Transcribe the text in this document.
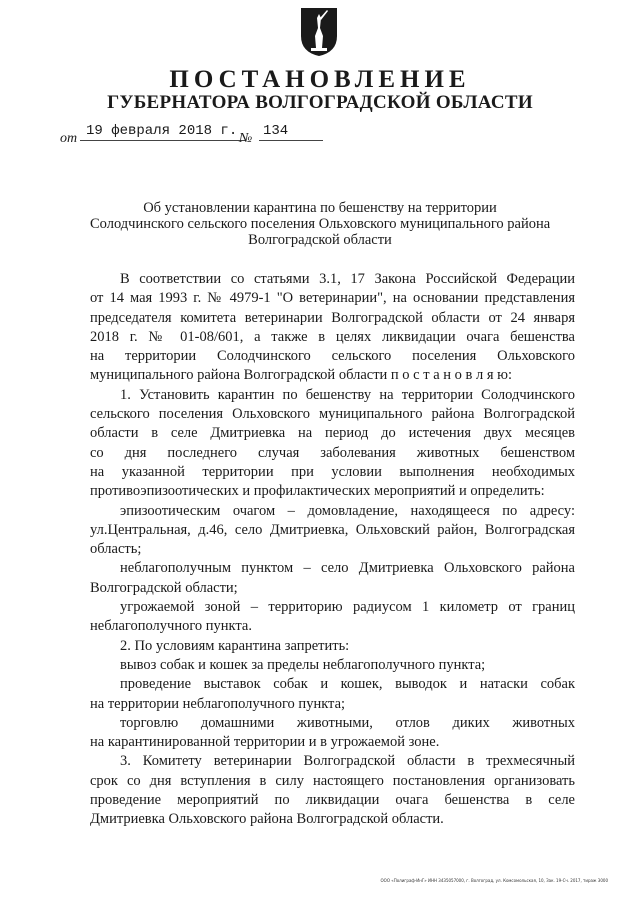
ПОСТАНОВЛЕНИЕ
ГУБЕРНАТОРА ВОЛГОГРАДСКОЙ ОБЛАСТИ
от 19 февраля 2018 г. № 134
Об установлении карантина по бешенству на территории
Солодчинского сельского поселения Ольховского муниципального района
Волгоградской области
В соответствии со статьями 3.1, 17 Закона Российской Федерации
от 14 мая 1993 г. № 4979-1 "О ветеринарии", на основании представления
председателя комитета ветеринарии Волгоградской области от 24 января
2018 г. № 01-08/601, а также в целях ликвидации очага бешенства
на территории Солодчинского сельского поселения Ольховского
муниципального района Волгоградской области п о с т а н о в л я ю:
1. Установить карантин по бешенству на территории Солодчинского
сельского поселения Ольховского муниципального района Волгоградской
области в селе Дмитриевка на период до истечения двух месяцев
со дня последнего случая заболевания животных бешенством
на указанной территории при условии выполнения необходимых
противоэпизоотических и профилактических мероприятий и определить:
эпизоотическим очагом – домовладение, находящееся по адресу:
ул.Центральная, д.46, село Дмитриевка, Ольховский район, Волгоградская
область;
неблагополучным пунктом – село Дмитриевка Ольховского района
Волгоградской области;
угрожаемой зоной – территорию радиусом 1 километр от границ
неблагополучного пункта.
2. По условиям карантина запретить:
вывоз собак и кошек за пределы неблагополучного пункта;
проведение выставок собак и кошек, выводок и натаски собак
на территории неблагополучного пункта;
торговлю домашними животными, отлов диких животных
на карантинированной территории и в угрожаемой зоне.
3. Комитету ветеринарии Волгоградской области в трехмесячный
срок со дня вступления в силу настоящего постановления организовать
проведение мероприятий по ликвидации очага бешенства в селе
Дмитриевка Ольховского района Волгоградской области.
ООО «Полиграф-ИнГ» ИНН 3435057000, г. Волгоград, ул. Комсомольская, 10, Зак. 19-Сч. 2017, тираж 3000
